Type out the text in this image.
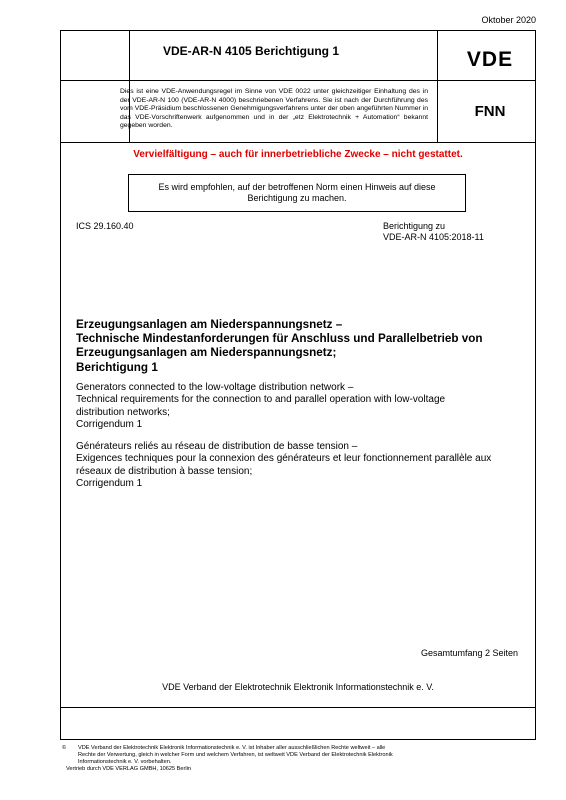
Oktober 2020
VDE-AR-N 4105 Berichtigung 1	VDE
Dies ist eine VDE-Anwendungsregel im Sinne von VDE 0022 unter gleichzeitiger Einhaltung des in der VDE-AR-N 100 (VDE-AR-N 4000) beschriebenen Verfahrens. Sie ist nach der Durchführung des vom VDE-Präsidium beschlossenen Genehmigungsverfahrens unter der oben angeführten Nummer in das VDE-Vorschriftenwerk aufgenommen und in der „etz Elektrotechnik + Automation“ bekannt gegeben worden.
FNN
Vervielfältigung – auch für innerbetriebliche Zwecke – nicht gestattet.
Es wird empfohlen, auf der betroffenen Norm einen Hinweis auf diese Berichtigung zu machen.
ICS 29.160.40	Berichtigung zu
VDE-AR-N 4105:2018-11
Erzeugungsanlagen am Niederspannungsnetz –
Technische Mindestanforderungen für Anschluss und Parallelbetrieb von
Erzeugungsanlagen am Niederspannungsnetz;
Berichtigung 1
Generators connected to the low-voltage distribution network –
Technical requirements for the connection to and parallel operation with low-voltage
distribution networks;
Corrigendum 1
Générateurs reliés au réseau de distribution de basse tension –
Exigences techniques pour la connexion des générateurs et leur fonctionnement parallèle aux
réseaux de distribution à basse tension;
Corrigendum 1
Gesamtumfang 2 Seiten
VDE Verband der Elektrotechnik Elektronik Informationstechnik e. V.
© VDE Verband der Elektrotechnik Elektronik Informationstechnik e. V. ist Inhaber aller ausschließlichen Rechte weltweit – alle
Rechte der Verwertung, gleich in welcher Form und welchem Verfahren, ist weltweit VDE Verband der Elektrotechnik Elektronik
Informationstechnik e. V. vorbehalten.
Vertrieb durch VDE VERLAG GMBH, 10625 Berlin
